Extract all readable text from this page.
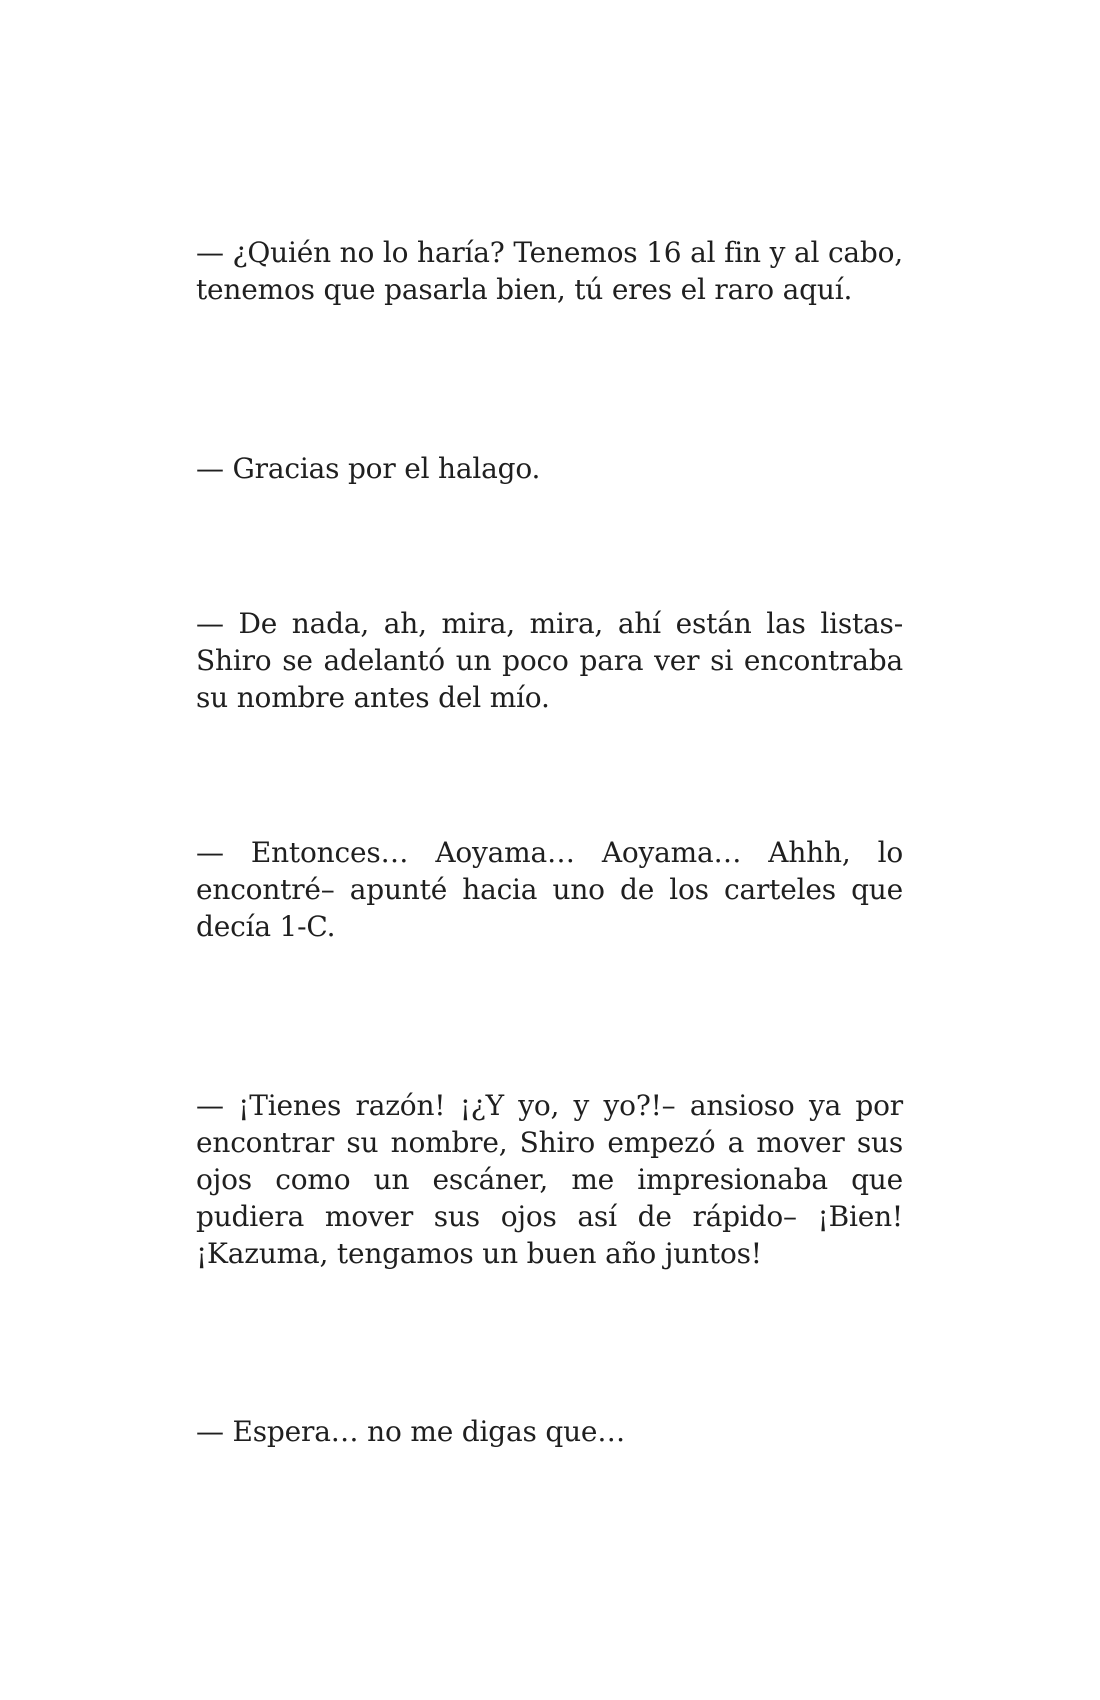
— ¿Quién no lo haría? Tenemos 16 al fin y al cabo, tenemos que pasarla bien, tú eres el raro aquí.

— Gracias por el halago.

— De nada, ah, mira, mira, ahí están las listas- Shiro se adelantó un poco para ver si encontraba su nombre antes del mío.

— Entonces… Aoyama… Aoyama… Ahhh, lo encontré– apunté hacia uno de los carteles que decía 1-C.

— ¡Tienes razón! ¡¿Y yo, y yo?!– ansioso ya por encontrar su nombre, Shiro empezó a mover sus ojos como un escáner, me impresionaba que pudiera mover sus ojos así de rápido– ¡Bien! ¡Kazuma, tengamos un buen año juntos!

— Espera… no me digas que…
